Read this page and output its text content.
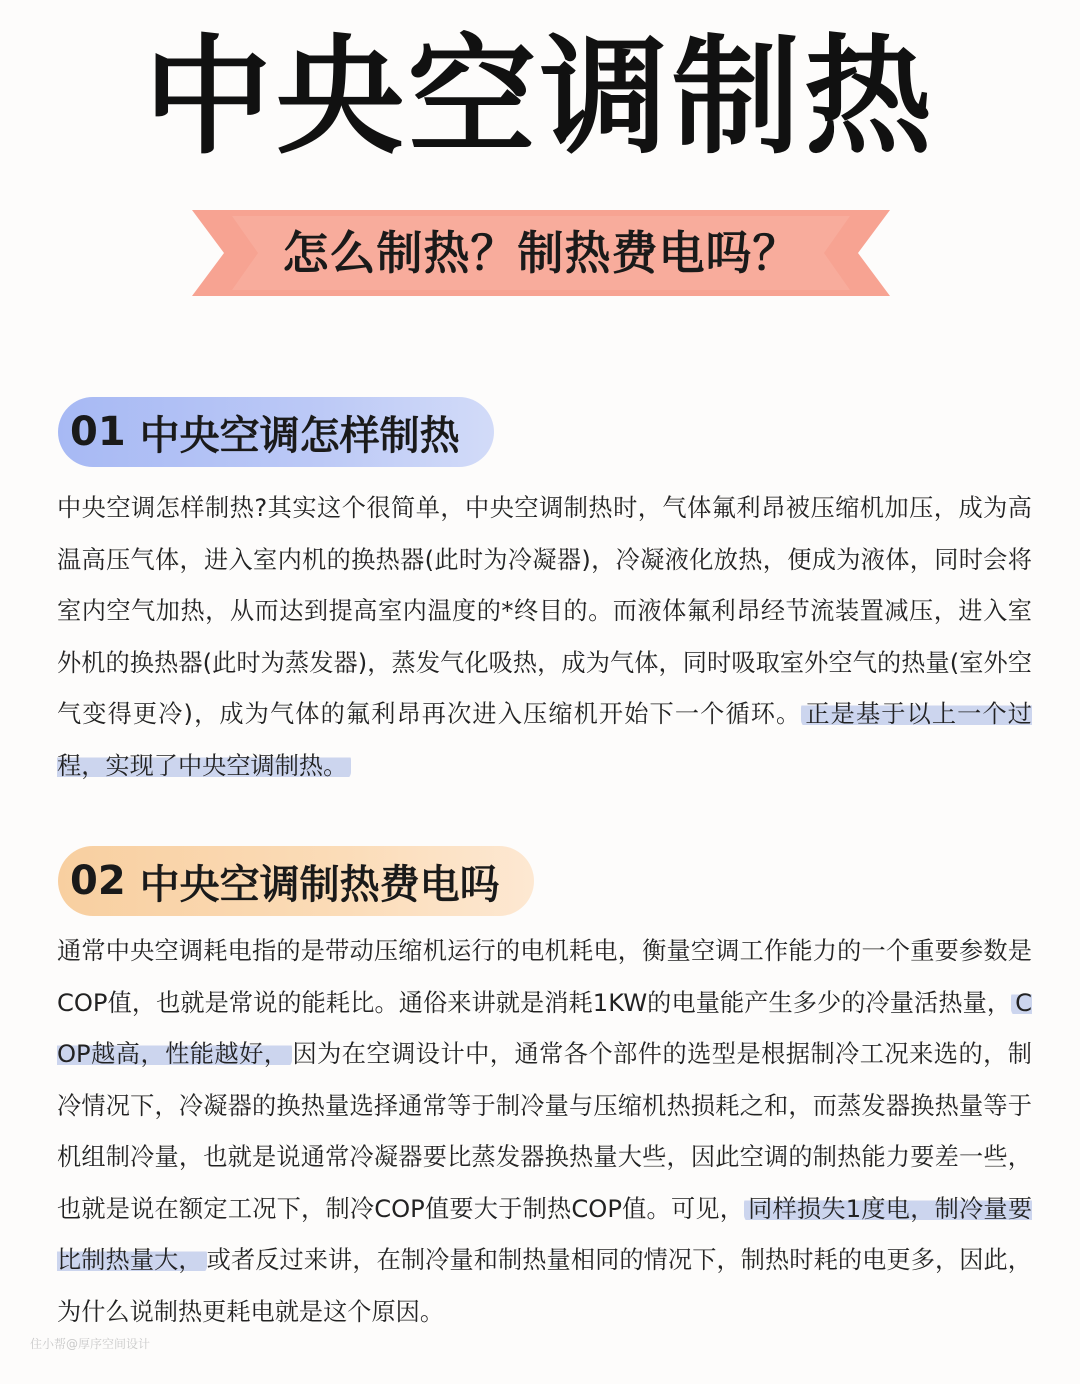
中央空调制热
怎么制热？制热费电吗？
01 中央空调怎样制热

中央空调怎样制热?其实这个很简单，中央空调制热时，气体氟利昂被压缩机加压，成为高温高压气体，进入室内机的换热器(此时为冷凝器)，冷凝液化放热，便成为液体，同时会将室内空气加热，从而达到提高室内温度的*终目的。而液体氟利昂经节流装置减压，进入室外机的换热器(此时为蒸发器)，蒸发气化吸热，成为气体，同时吸取室外空气的热量(室外空气变得更冷)，成为气体的氟利昂再次进入压缩机开始下一个循环。 正是基于以上一个过程，实现了中央空调制热。

02 中央空调制热费电吗

通常中央空调耗电指的是带动压缩机运行的电机耗电，衡量空调工作能力的一个重要参数是COP值，也就是常说的能耗比。通俗来讲就是消耗1KW的电量能产生多少的冷量活热量， COP越高，性能越好， 因为在空调设计中，通常各个部件的选型是根据制冷工况来选的，制冷情况下，冷凝器的换热量选择通常等于制冷量与压缩机热损耗之和，而蒸发器换热量等于机组制冷量，也就是说通常冷凝器要比蒸发器换热量大些，因此空调的制热能力要差一些，也就是说在额定工况下，制冷COP值要大于制热COP值。可见， 同样损失1度电，制冷量要比制热量大， 或者反过来讲，在制冷量和制热量相同的情况下，制热时耗的电更多，因此，为什么说制热更耗电就是这个原因。

住小帮@厚序空间设计
